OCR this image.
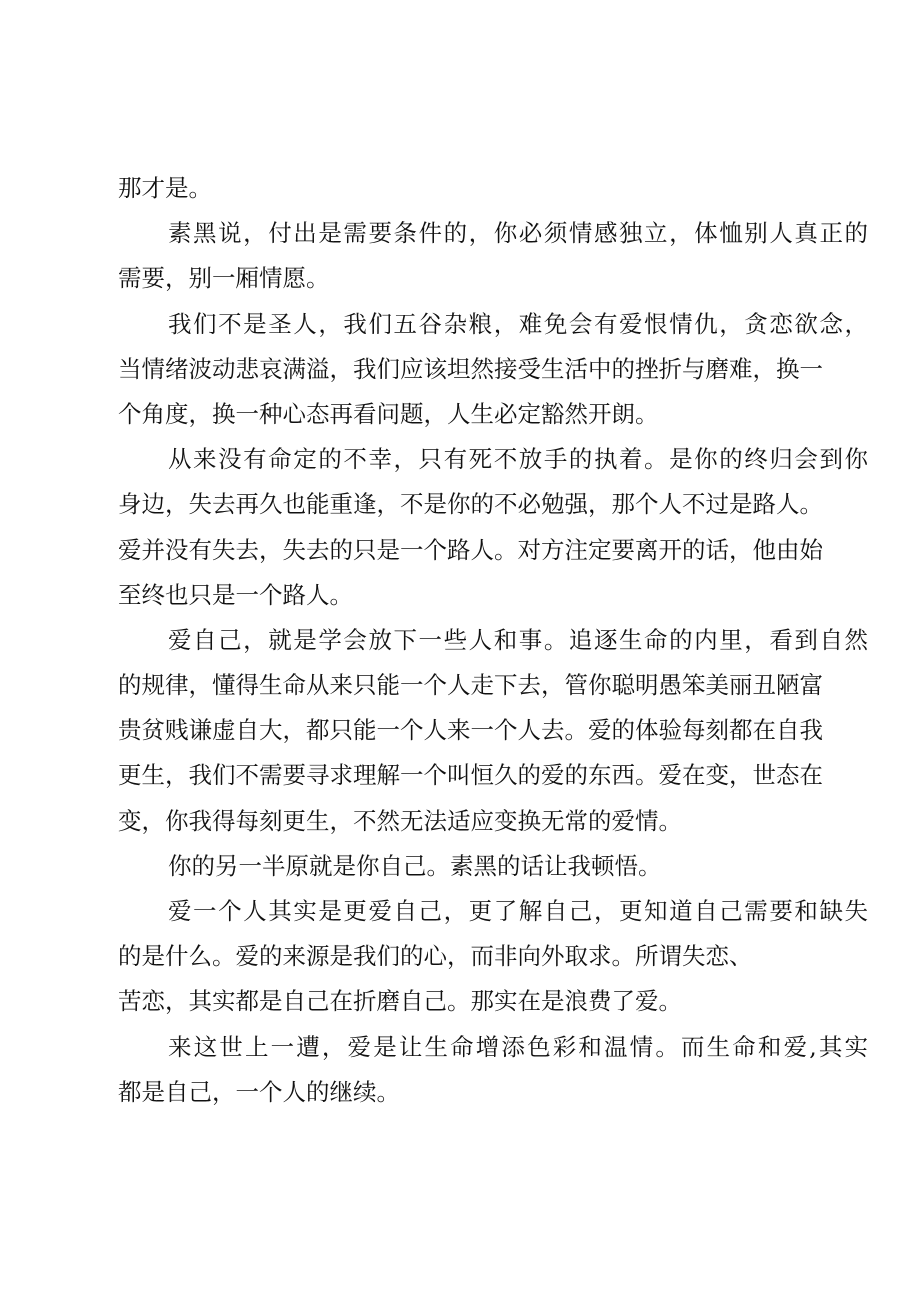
那才是。
素黑说，付出是需要条件的，你必须情感独立，体恤别人真正的
需要，别一厢情愿。
我们不是圣人，我们五谷杂粮，难免会有爱恨情仇，贪恋欲念，
当情绪波动悲哀满溢，我们应该坦然接受生活中的挫折与磨难，换一
个角度，换一种心态再看问题，人生必定豁然开朗。
从来没有命定的不幸，只有死不放手的执着。是你的终归会到你
身边，失去再久也能重逢，不是你的不必勉强，那个人不过是路人。
爱并没有失去，失去的只是一个路人。对方注定要离开的话，他由始
至终也只是一个路人。
爱自己，就是学会放下一些人和事。追逐生命的内里，看到自然
的规律，懂得生命从来只能一个人走下去，管你聪明愚笨美丽丑陋富
贵贫贱谦虚自大，都只能一个人来一个人去。爱的体验每刻都在自我
更生，我们不需要寻求理解一个叫恒久的爱的东西。爱在变，世态在
变，你我得每刻更生，不然无法适应变换无常的爱情。
你的另一半原就是你自己。素黑的话让我顿悟。
爱一个人其实是更爱自己，更了解自己，更知道自己需要和缺失
的是什么。爱的来源是我们的心，而非向外取求。所谓失恋、
苦恋，其实都是自己在折磨自己。那实在是浪费了爱。
来这世上一遭，爱是让生命增添色彩和温情。而生命和爱,其实
都是自己，一个人的继续。
